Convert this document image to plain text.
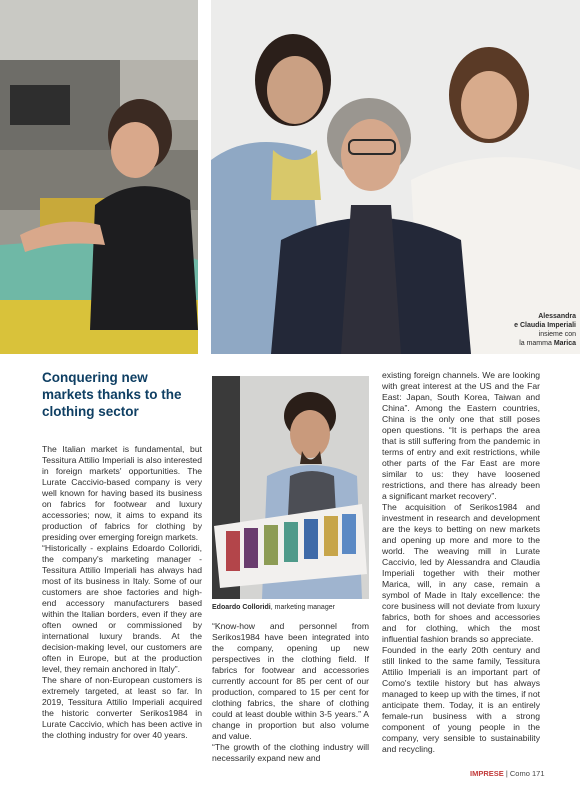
Alessandra
e Claudia Imperiali
insieme con
la mamma Marica
Conquering new markets thanks to the clothing sector

The Italian market is fundamental, but Tessitura Attilio Imperiali is also interested in foreign markets' opportunities. The Lurate Caccivio-based company is very well known for having based its business on fabrics for footwear and luxury accessories; now, it aims to expand its production of fabrics for clothing by presiding over emerging foreign markets.

“Historically - explains Edoardo Colloridi, the company's marketing manager - Tessitura Attilio Imperiali has always had most of its business in Italy. Some of our customers are shoe factories and high-end accessory manufacturers based within the Italian borders, even if they are often owned or commissioned by international luxury brands. At the decision-making level, our customers are often in Europe, but at the production level, they remain anchored in Italy”.

The share of non-European customers is extremely targeted, at least so far. In 2019, Tessitura Attilio Imperiali acquired the historic converter Serikos1984 in Lurate Caccivio, which has been active in the clothing industry for over 40 years.

Edoardo Colloridi, marketing manager

“Know-how and personnel from Serikos1984 have been integrated into the company, opening up new perspectives in the clothing field. If fabrics for footwear and accessories currently account for 85 per cent of our production, compared to 15 per cent for clothing fabrics, the share of clothing could at least double within 3-5 years.” A change in proportion but also volume and value.

“The growth of the clothing industry will necessarily expand new and

existing foreign channels. We are looking with great interest at the US and the Far East: Japan, South Korea, Taiwan and China”. Among the Eastern countries, China is the only one that still poses open questions. “It is perhaps the area that is still suffering from the pandemic in terms of entry and exit restrictions, while other parts of the Far East are more similar to us: they have loosened restrictions, and there has already been a significant market recovery”.

The acquisition of Serikos1984 and investment in research and development are the keys to betting on new markets and opening up more and more to the world. The weaving mill in Lurate Caccivio, led by Alessandra and Claudia Imperiali together with their mother Marica, will, in any case, remain a symbol of Made in Italy excellence: the core business will not deviate from luxury fabrics, both for shoes and accessories and for clothing, which the most influential fashion brands so appreciate.

Founded in the early 20th century and still linked to the same family, Tessitura Attilio Imperiali is an important part of Como's textile history but has always managed to keep up with the times, if not anticipate them. Today, it is an entirely female-run business with a strong component of young people in the company, very sensible to sustainability and recycling.

IMPRESE | Como 171
